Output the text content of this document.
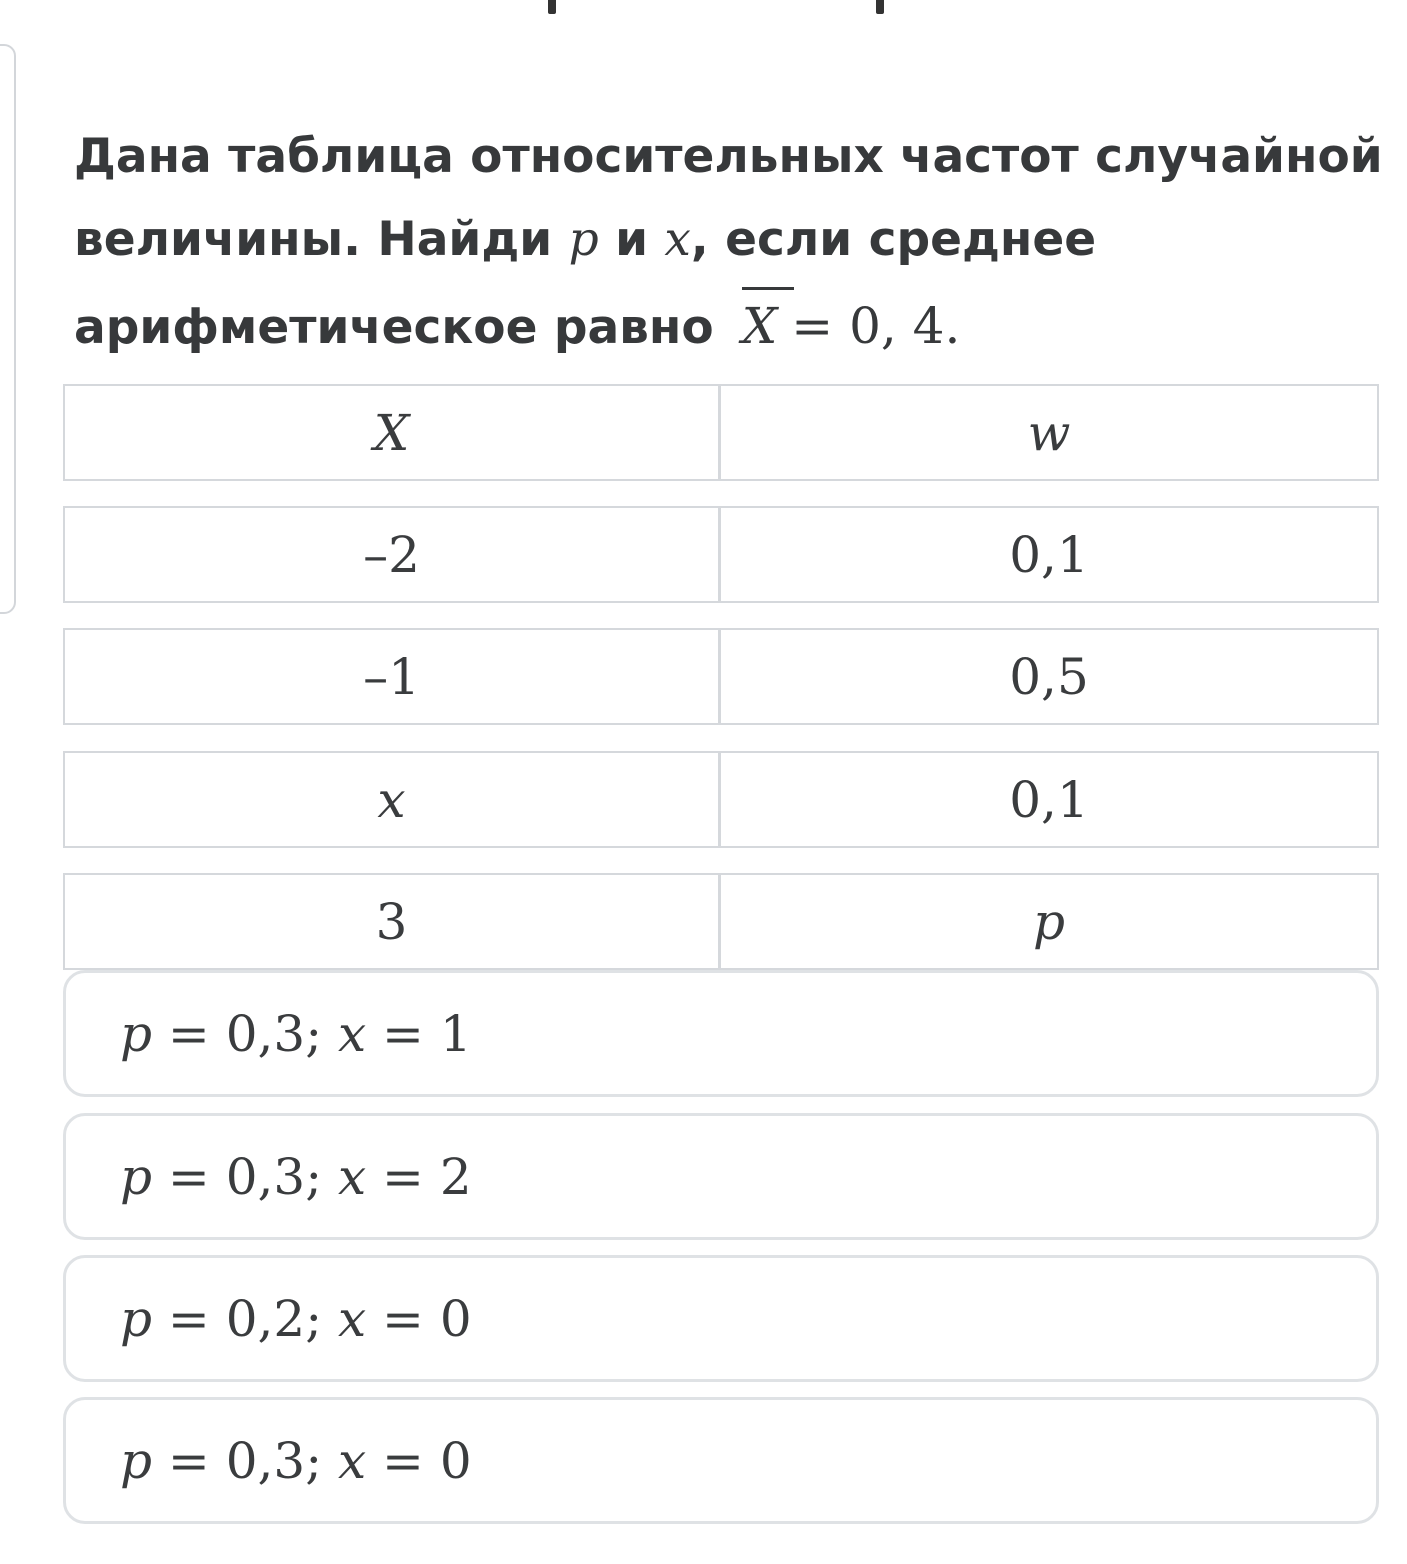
Дана таблица относительных частот случайной
величины. Найди p и x, если среднее
арифметическое равно X = 0, 4.
X	w
–2	0,1
–1	0,5
x	0,1
3	p
p = 0,3; x = 1
p = 0,3; x = 2
p = 0,2; x = 0
p = 0,3; x = 0
